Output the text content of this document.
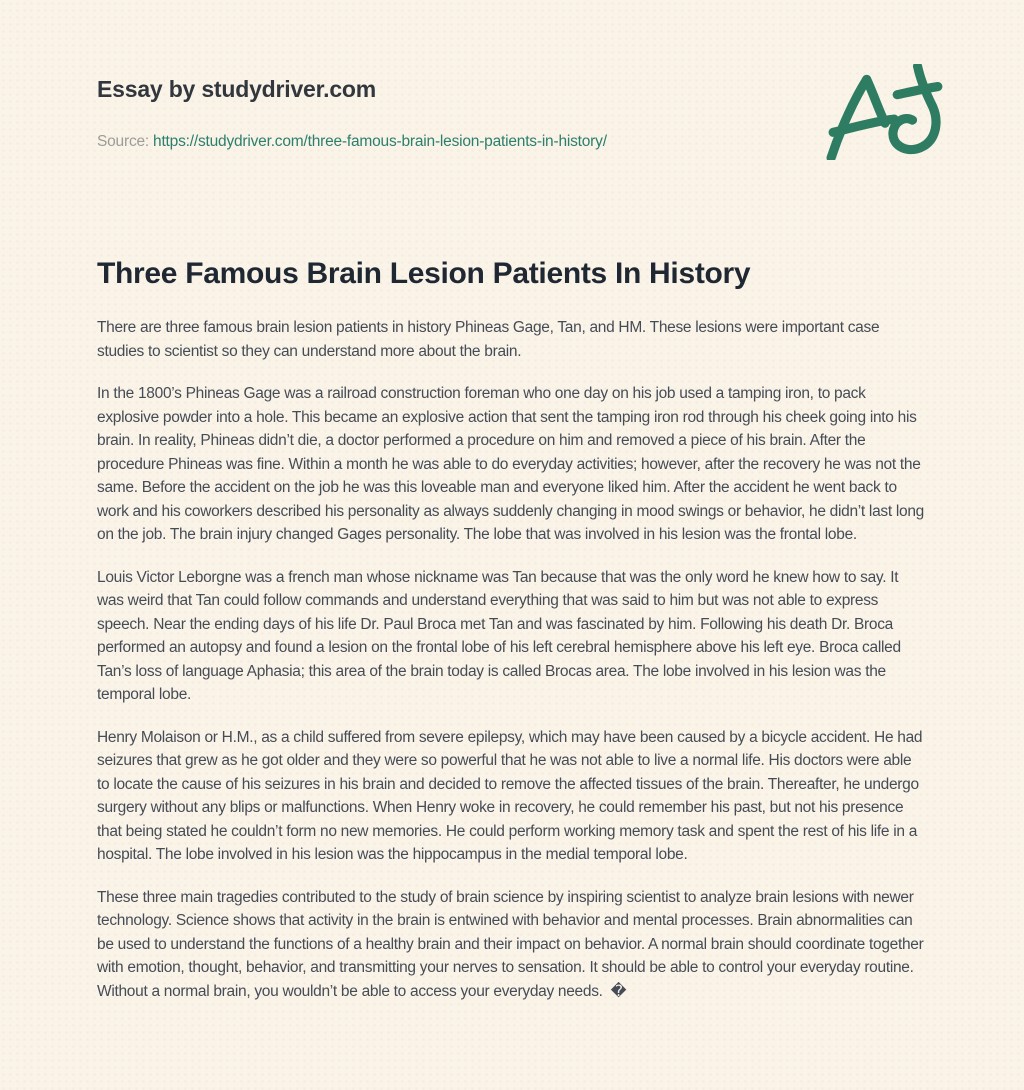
Essay by studydriver.com
Source: https://studydriver.com/three-famous-brain-lesion-patients-in-history/
Three Famous Brain Lesion Patients In History

There are three famous brain lesion patients in history Phineas Gage, Tan, and HM. These lesions were important case studies to scientist so they can understand more about the brain.

In the 1800’s Phineas Gage was a railroad construction foreman who one day on his job used a tamping iron, to pack explosive powder into a hole. This became an explosive action that sent the tamping iron rod through his cheek going into his brain. In reality, Phineas didn’t die, a doctor performed a procedure on him and removed a piece of his brain. After the procedure Phineas was fine. Within a month he was able to do everyday activities; however, after the recovery he was not the same. Before the accident on the job he was this loveable man and everyone liked him. After the accident he went back to work and his coworkers described his personality as always suddenly changing in mood swings or behavior, he didn’t last long on the job. The brain injury changed Gages personality. The lobe that was involved in his lesion was the frontal lobe.

Louis Victor Leborgne was a french man whose nickname was Tan because that was the only word he knew how to say. It was weird that Tan could follow commands and understand everything that was said to him but was not able to express speech. Near the ending days of his life Dr. Paul Broca met Tan and was fascinated by him. Following his death Dr. Broca performed an autopsy and found a lesion on the frontal lobe of his left cerebral hemisphere above his left eye. Broca called Tan’s loss of language Aphasia; this area of the brain today is called Brocas area. The lobe involved in his lesion was the temporal lobe.

Henry Molaison or H.M., as a child suffered from severe epilepsy, which may have been caused by a bicycle accident. He had seizures that grew as he got older and they were so powerful that he was not able to live a normal life. His doctors were able to locate the cause of his seizures in his brain and decided to remove the affected tissues of the brain. Thereafter, he undergo surgery without any blips or malfunctions. When Henry woke in recovery, he could remember his past, but not his presence that being stated he couldn’t form no new memories. He could perform working memory task and spent the rest of his life in a hospital. The lobe involved in his lesion was the hippocampus in the medial temporal lobe.

These three main tragedies contributed to the study of brain science by inspiring scientist to analyze brain lesions with newer technology. Science shows that activity in the brain is entwined with behavior and mental processes. Brain abnormalities can be used to understand the functions of a healthy brain and their impact on behavior. A normal brain should coordinate together with emotion, thought, behavior, and transmitting your nerves to sensation. It should be able to control your everyday routine. Without a normal brain, you wouldn’t be able to access your everyday needs.  �
